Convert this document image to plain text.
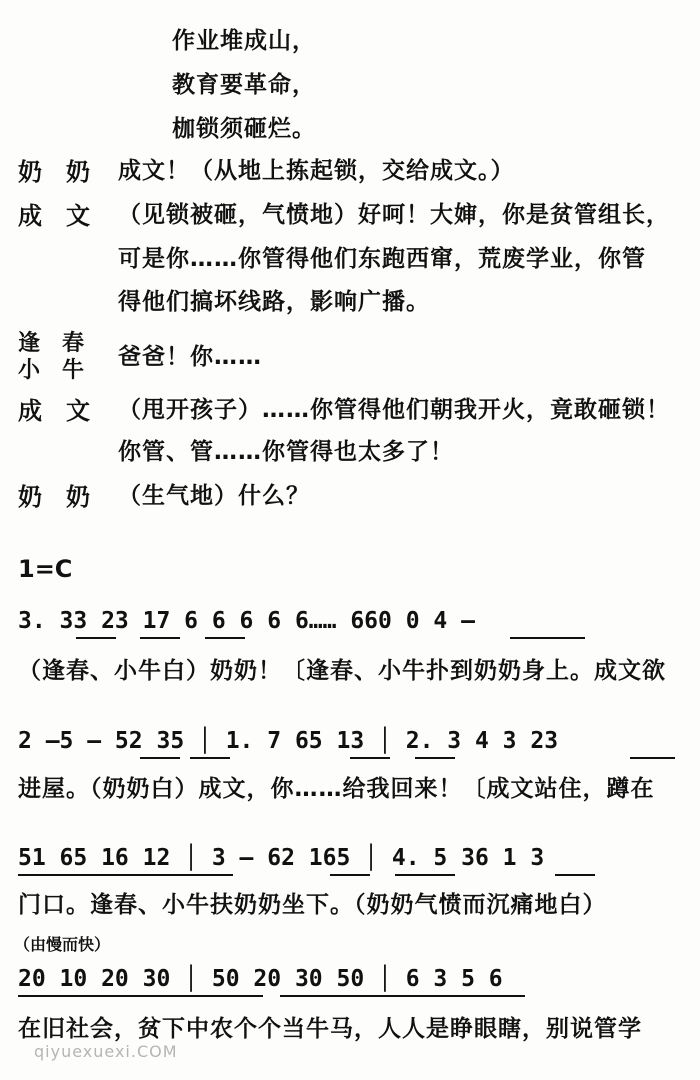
作业堆成山，
教育要革命，
枷锁须砸烂。
奶　奶 成文！（从地上拣起锁，交给成文。）
成　文 （见锁被砸，气愤地）好呵！大婶，你是贫管组长，
可是你……你管得他们东跑西窜，荒废学业，你管
得他们搞坏线路，影响广播。
逢　春
小　牛
爸爸！你……
成　文 （甩开孩子）……你管得他们朝我开火，竟敢砸锁！
你管、管……你管得也太多了！
奶　奶 （生气地）什么？
1=C
3. 33 23 17 6 6 6 6 6…… 660 0 4 —
（逢春、小牛白）奶奶！〔逢春、小牛扑到奶奶身上。成文欲
2 —5 — 52 35 │ 1. 7 65 13 │ 2. 3 4 3 23
进屋。（奶奶白）成文，你……给我回来！〔成文站住，蹲在
51 65 16 12 │ 3 — 62 165 │ 4. 5 36 1 3
门口。逢春、小牛扶奶奶坐下。（奶奶气愤而沉痛地白）
（由慢而快）
20 10 20 30 │ 50 20 30 50 │ 6 3 5 6
在旧社会，贫下中农个个当牛马，人人是睁眼瞎，别说管学
qiyuexuexi.COM
